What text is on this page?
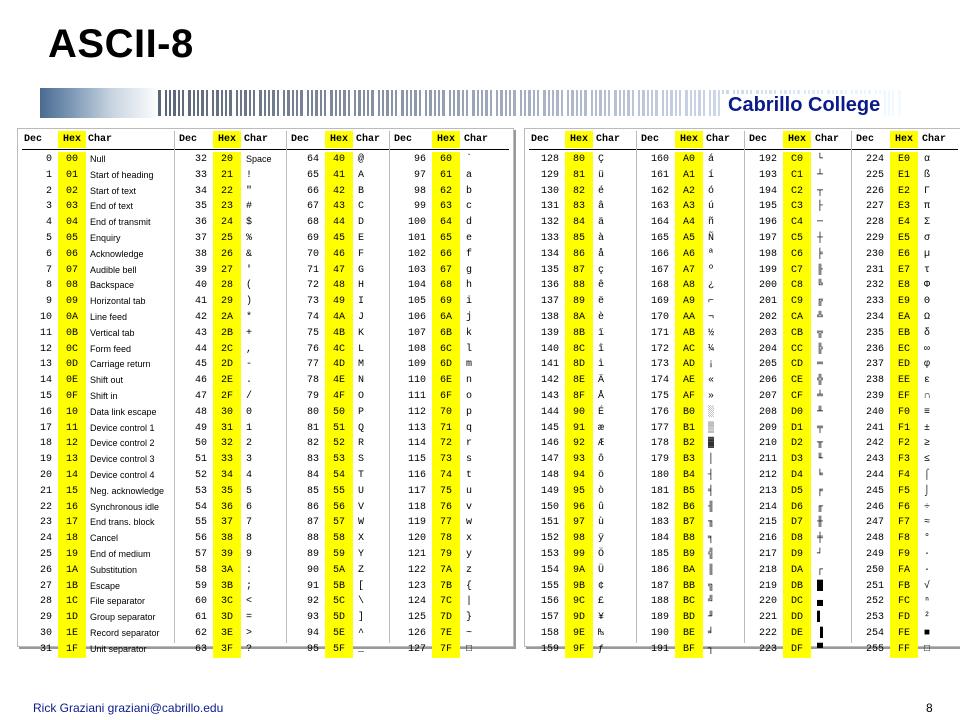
ASCII-8
Cabrillo College
Dec	Hex Char
0	00	Null
1	01	Start of heading
2	02	Start of text
3	03	End of text
4	04	End of transmit
5	05	Enquiry
6	06	Acknowledge
7	07	Audible bell
8	08	Backspace
9	09	Horizontal tab
10	0A	Line feed
11	0B	Vertical tab
12	0C	Form feed
13	0D	Carriage return
14	0E	Shift out
15	0F	Shift in
16	10	Data link escape
17	11	Device control 1
18	12	Device control 2
19	13	Device control 3
20	14	Device control 4
21	15	Neg. acknowledge
22	16	Synchronous idle
23	17	End trans. block
24	18	Cancel
25	19	End of medium
26	1A	Substitution
27	1B	Escape
28	1C	File separator
29	1D	Group separator
30	1E	Record separator
31	1F	Unit separator
Dec	Hex Char
32	20	Space
33	21	!
34	22	"
35	23	#
36	24	$
37	25	%
38	26	&
39	27	'
40	28	(
41	29	)
42	2A	*
43	2B	+
44	2C	,
45	2D	-
46	2E	.
47	2F	/
48	30	0
49	31	1
50	32	2
51	33	3
52	34	4
53	35	5
54	36	6
55	37	7
56	38	8
57	39	9
58	3A	:
59	3B	;
60	3C	<
61	3D	=
62	3E	>
63	3F	?
Dec	Hex Char
64	40	@
65	41	A
66	42	B
67	43	C
68	44	D
69	45	E
70	46	F
71	47	G
72	48	H
73	49	I
74	4A	J
75	4B	K
76	4C	L
77	4D	M
78	4E	N
79	4F	O
80	50	P
81	51	Q
82	52	R
83	53	S
84	54	T
85	55	U
86	56	V
87	57	W
88	58	X
89	59	Y
90	5A	Z
91	5B	[
92	5C	\
93	5D	]
94	5E	^
95	5F	_
Dec	Hex Char
96	60	`
97	61	a
98	62	b
99	63	c
100	64	d
101	65	e
102	66	f
103	67	g
104	68	h
105	69	i
106	6A	j
107	6B	k
108	6C	l
109	6D	m
110	6E	n
111	6F	o
112	70	p
113	71	q
114	72	r
115	73	s
116	74	t
117	75	u
118	76	v
119	77	w
120	78	x
121	79	y
122	7A	z
123	7B	{
124	7C	|
125	7D	}
126	7E	~
127	7F	□
Dec	Hex Char
128	80	Ç
129	81	ü
130	82	é
131	83	â
132	84	ä
133	85	à
134	86	å
135	87	ç
136	88	ê
137	89	ë
138	8A	è
139	8B	ï
140	8C	î
141	8D	ì
142	8E	Ä
143	8F	Å
144	90	É
145	91	æ
146	92	Æ
147	93	ô
148	94	ö
149	95	ò
150	96	û
151	97	ù
152	98	ÿ
153	99	Ö
154	9A	Ü
155	9B	¢
156	9C	£
157	9D	¥
158	9E	₧
159	9F	ƒ
Dec	Hex Char
160	A0	á
161	A1	í
162	A2	ó
163	A3	ú
164	A4	ñ
165	A5	Ñ
166	A6	ª
167	A7	º
168	A8	¿
169	A9	⌐
170	AA	¬
171	AB	½
172	AC	¼
173	AD	¡
174	AE	«
175	AF	»
176	B0	░
177	B1	▒
178	B2	▓
179	B3	│
180	B4	┤
181	B5	╡
182	B6	╢
183	B7	╖
184	B8	╕
185	B9	╣
186	BA	║
187	BB	╗
188	BC	╝
189	BD	╜
190	BE	╛
191	BF	┐
Dec	Hex Char
192	C0	└
193	C1	┴
194	C2	┬
195	C3	├
196	C4	─
197	C5	┼
198	C6	╞
199	C7	╟
200	C8	╚
201	C9	╔
202	CA	╩
203	CB	╦
204	CC	╠
205	CD	═
206	CE	╬
207	CF	╧
208	D0	╨
209	D1	╤
210	D2	╥
211	D3	╙
212	D4	╘
213	D5	╒
214	D6	╓
215	D7	╫
216	D8	╪
217	D9	┘
218	DA	┌
219	DB	█
220	DC	▄
221	DD	▌
222	DE	▐
223	DF	▀
Dec	Hex Char
224	E0	α
225	E1	ß
226	E2	Γ
227	E3	π
228	E4	Σ
229	E5	σ
230	E6	µ
231	E7	τ
232	E8	Φ
233	E9	Θ
234	EA	Ω
235	EB	δ
236	EC	∞
237	ED	φ
238	EE	ε
239	EF	∩
240	F0	≡
241	F1	±
242	F2	≥
243	F3	≤
244	F4	⌠
245	F5	⌡
246	F6	÷
247	F7	≈
248	F8	°
249	F9	∙
250	FA	·
251	FB	√
252	FC	ⁿ
253	FD	²
254	FE	■
255	FF	□
Rick Graziani graziani@cabrillo.edu	8
